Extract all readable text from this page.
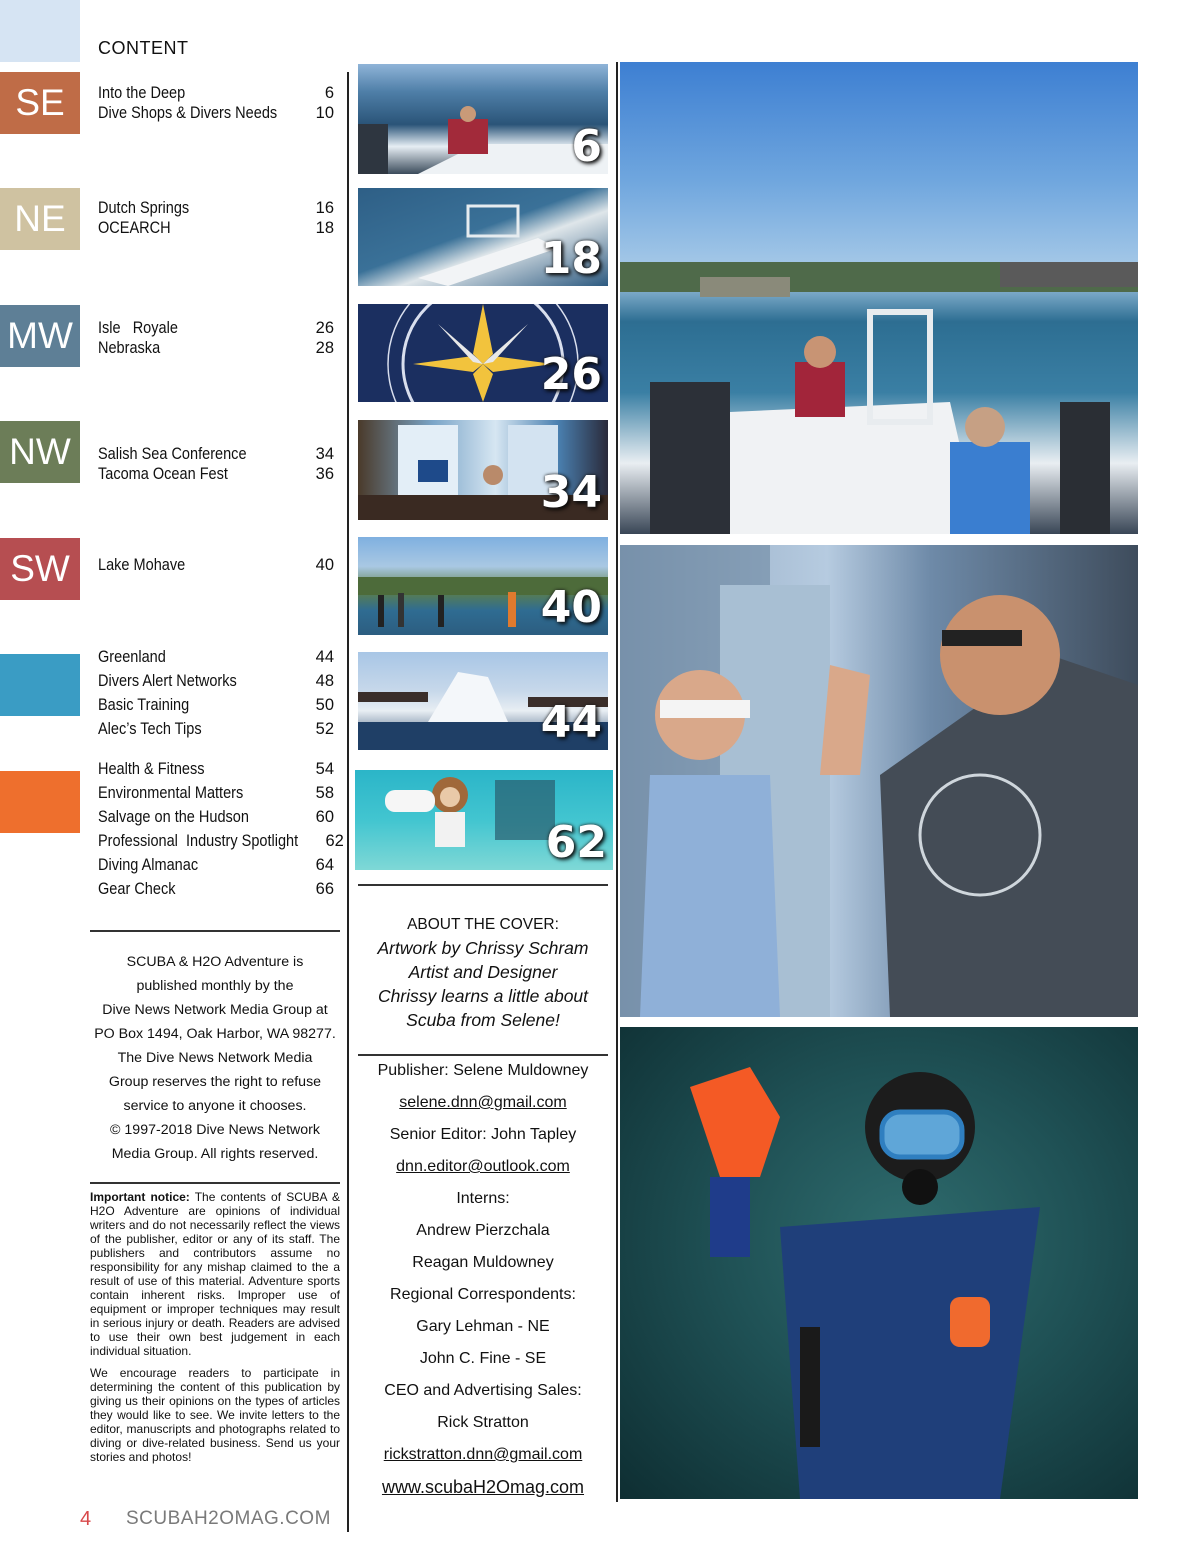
CONTENT
SE
NE
MW
NW
SW
Into the Deep	6
Dive Shops & Divers Needs 10
Dutch Springs	16
OCEARCH	18
Isle   Royale	26
Nebraska	28
Salish Sea Conference	34
Tacoma Ocean Fest	36
Lake Mohave	40
Greenland	44
Divers Alert Networks	48
Basic Training	50
Alec’s Tech Tips	52
Health & Fitness	54
Environmental Matters	58
Salvage on the Hudson	60
Professional  Industry Spotlight 62
Diving Almanac	64
Gear Check	66
SCUBA & H2O Adventure is
published monthly by the
Dive News Network Media Group at
PO Box 1494, Oak Harbor, WA 98277.
The Dive News Network Media
Group reserves the right to refuse
service to anyone it chooses.
© 1997-2018 Dive News Network
Media Group. All rights reserved.

Important notice: The contents of SCUBA & H2O Adventure are opinions of individual writers and do not necessarily reflect the views of the publisher, editor or any of its staff. The publishers and contributors assume no responsibility for any mishap claimed to the a result of use of this material. Adventure sports contain inherent risks. Improper use of equipment or improper techniques may result in serious injury or death. Readers are advised to use their own best judgement in each individual situation.

We encourage readers to participate in determining the content of this publication by giving us their opinions on the types of articles they would like to see. We invite letters to the editor, manuscripts and photographs related to diving or dive-related business. Send us your stories and photos!

4 SCUBAH2OMAG.COM
6
18
26
34
40
44
62
ABOUT THE COVER:
Artwork by Chrissy Schram
Artist and Designer
Chrissy learns a little about
Scuba from Selene!
Publisher: Selene Muldowney
selene.dnn@gmail.com
Senior Editor: John Tapley
dnn.editor@outlook.com
Interns:
Andrew Pierzchala
Reagan Muldowney
Regional Correspondents:
Gary Lehman - NE
John C. Fine - SE
CEO and Advertising Sales:
Rick Stratton
rickstratton.dnn@gmail.com
www.scubaH2Omag.com
